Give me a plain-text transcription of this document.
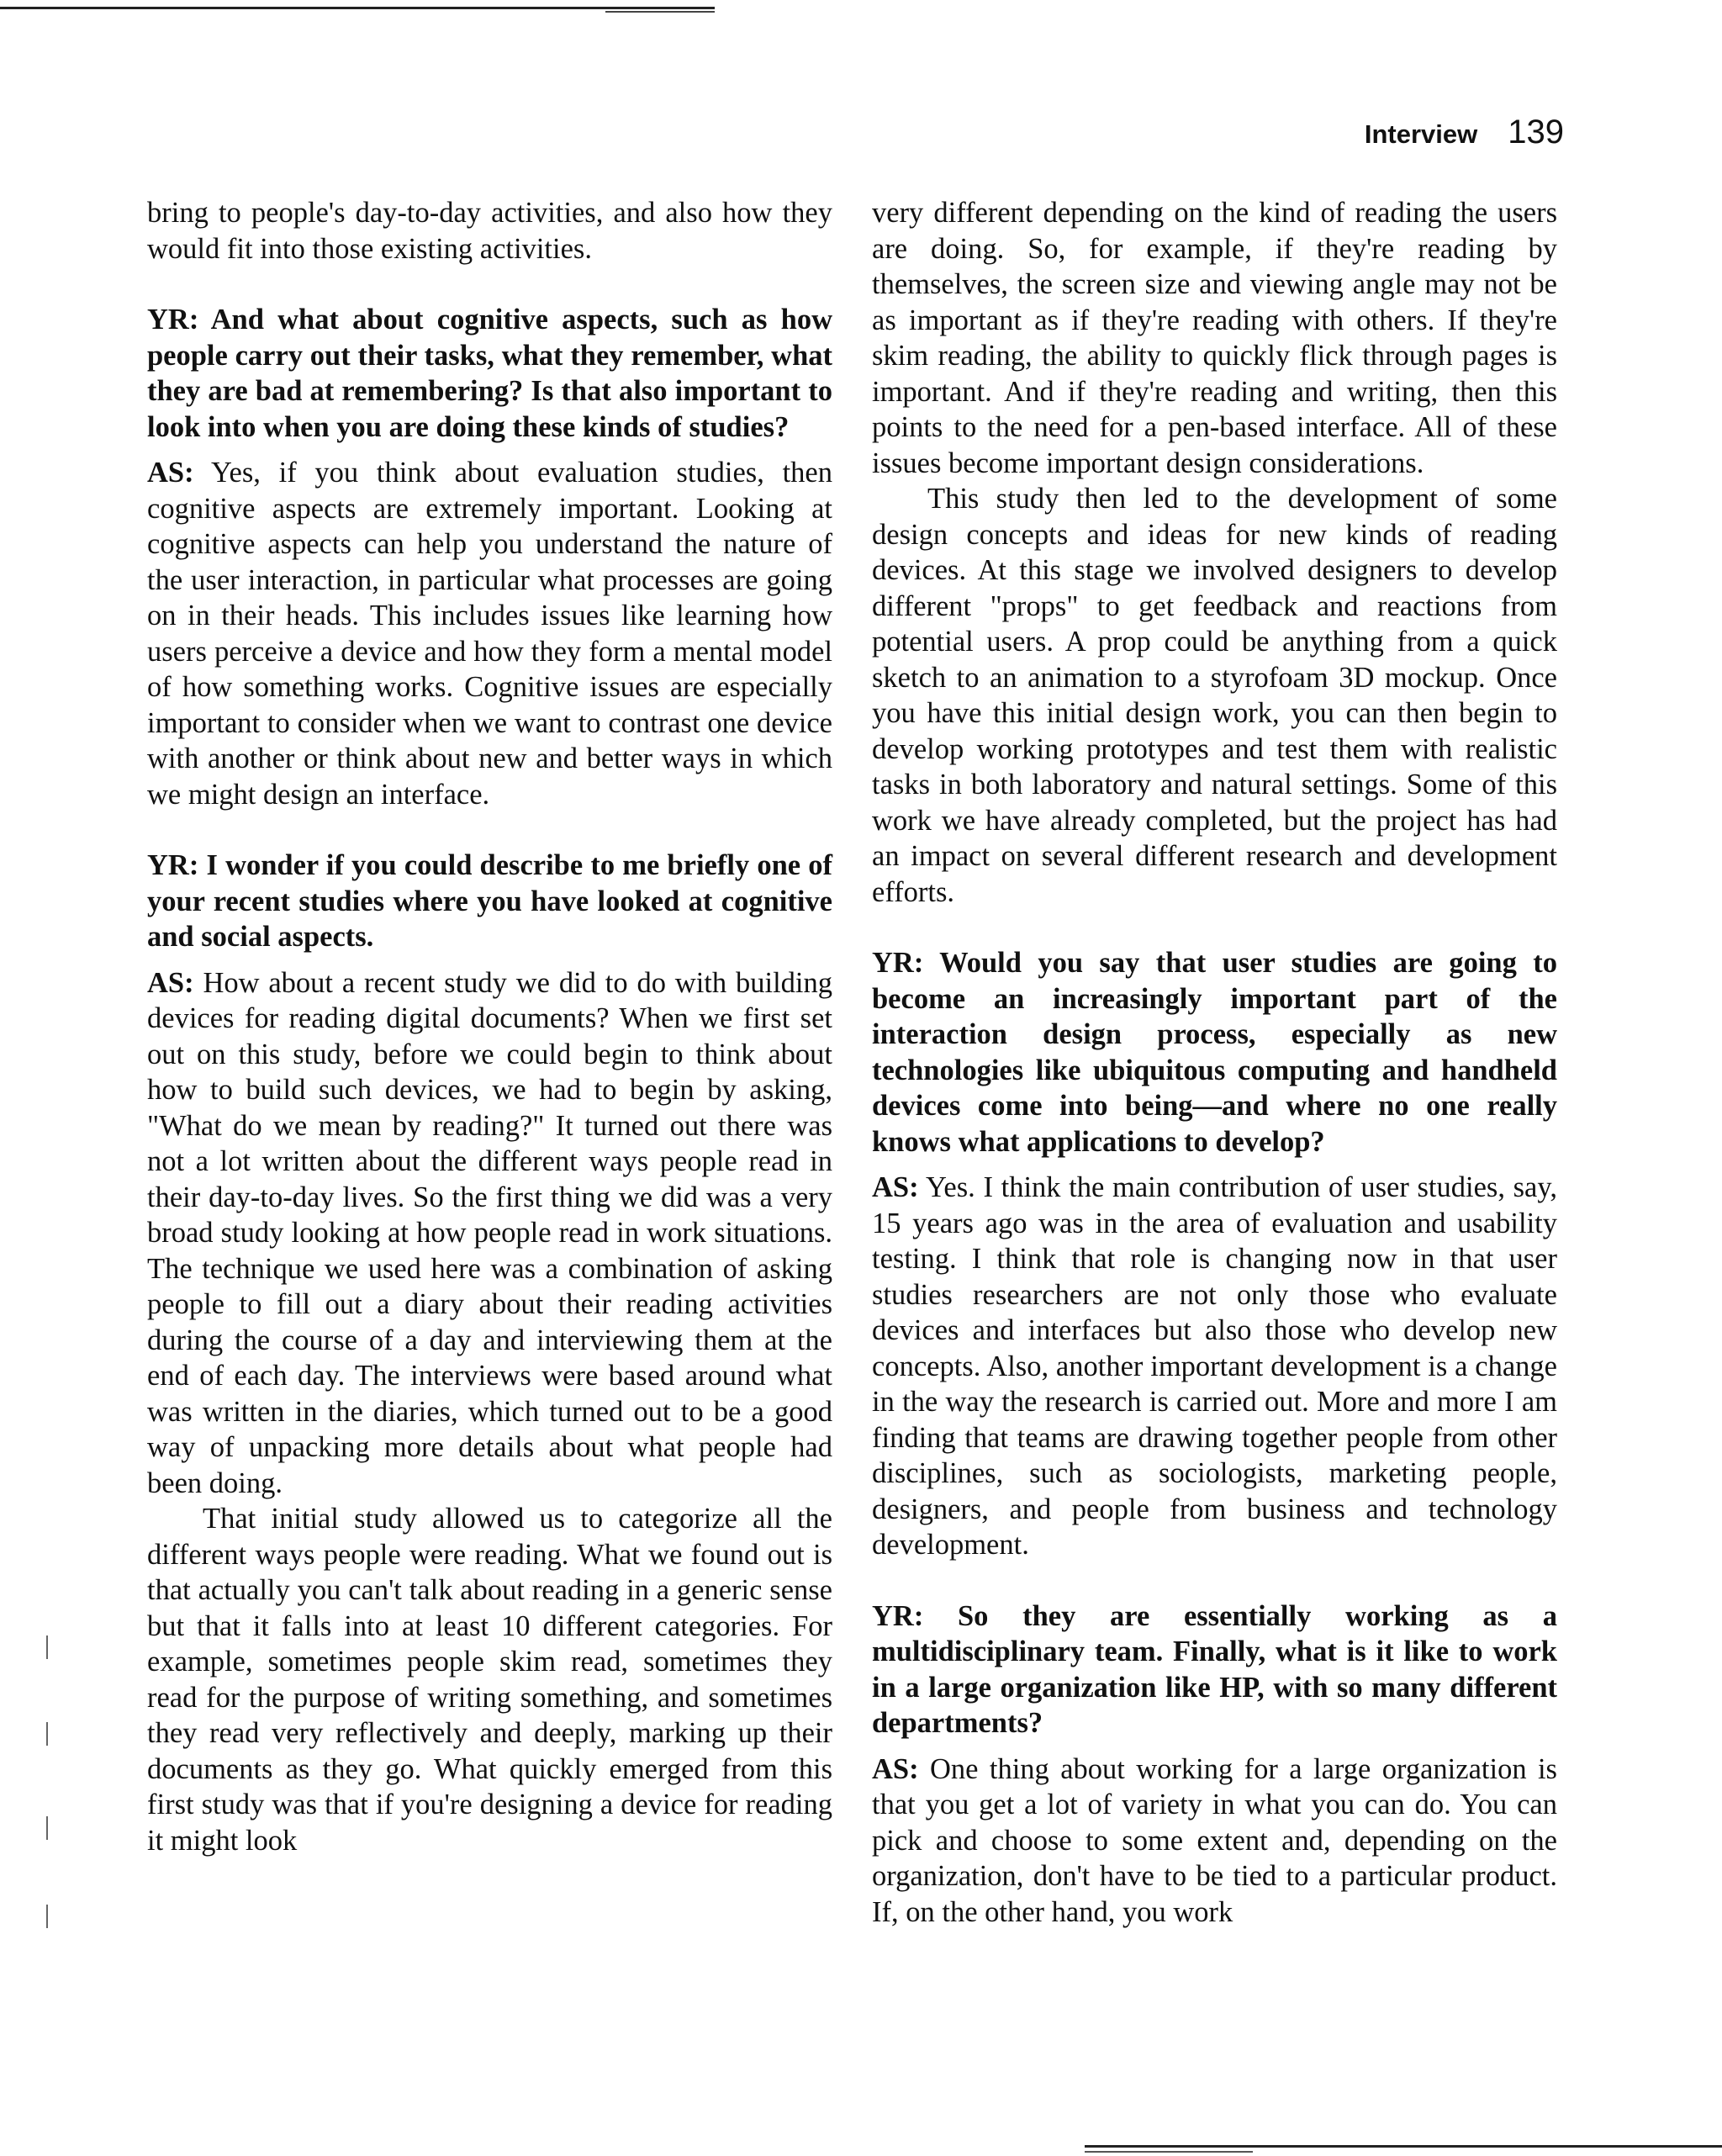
Interview 139

bring to people's day-to-day activities, and also how they would fit into those existing activities.

YR: And what about cognitive aspects, such as how people carry out their tasks, what they remember, what they are bad at remembering? Is that also important to look into when you are doing these kinds of studies?

AS: Yes, if you think about evaluation studies, then cognitive aspects are extremely important. Looking at cognitive aspects can help you understand the nature of the user interaction, in particular what processes are going on in their heads. This includes issues like learning how users perceive a device and how they form a mental model of how something works. Cognitive issues are especially important to consider when we want to contrast one device with another or think about new and better ways in which we might design an interface.

YR: I wonder if you could describe to me briefly one of your recent studies where you have looked at cognitive and social aspects.

AS: How about a recent study we did to do with building devices for reading digital documents? When we first set out on this study, before we could begin to think about how to build such devices, we had to begin by asking, "What do we mean by reading?" It turned out there was not a lot written about the different ways people read in their day-to-day lives. So the first thing we did was a very broad study looking at how people read in work situations. The technique we used here was a combination of asking people to fill out a diary about their reading activities during the course of a day and interviewing them at the end of each day. The interviews were based around what was written in the diaries, which turned out to be a good way of unpacking more details about what people had been doing.

That initial study allowed us to categorize all the different ways people were reading. What we found out is that actually you can't talk about reading in a generic sense but that it falls into at least 10 different categories. For example, sometimes people skim read, sometimes they read for the purpose of writing something, and sometimes they read very reflectively and deeply, marking up their documents as they go. What quickly emerged from this first study was that if you're designing a device for reading it might look

very different depending on the kind of reading the users are doing. So, for example, if they're reading by themselves, the screen size and viewing angle may not be as important as if they're reading with others. If they're skim reading, the ability to quickly flick through pages is important. And if they're reading and writing, then this points to the need for a pen-based interface. All of these issues become important design considerations.

This study then led to the development of some design concepts and ideas for new kinds of reading devices. At this stage we involved designers to develop different "props" to get feedback and reactions from potential users. A prop could be anything from a quick sketch to an animation to a styrofoam 3D mockup. Once you have this initial design work, you can then begin to develop working prototypes and test them with realistic tasks in both laboratory and natural settings. Some of this work we have already completed, but the project has had an impact on several different research and development efforts.

YR: Would you say that user studies are going to become an increasingly important part of the interaction design process, especially as new technologies like ubiquitous computing and handheld devices come into being—and where no one really knows what applications to develop?

AS: Yes. I think the main contribution of user studies, say, 15 years ago was in the area of evaluation and usability testing. I think that role is changing now in that user studies researchers are not only those who evaluate devices and interfaces but also those who develop new concepts. Also, another important development is a change in the way the research is carried out. More and more I am finding that teams are drawing together people from other disciplines, such as sociologists, marketing people, designers, and people from business and technology development.

YR: So they are essentially working as a multidisciplinary team. Finally, what is it like to work in a large organization like HP, with so many different departments?

AS: One thing about working for a large organization is that you get a lot of variety in what you can do. You can pick and choose to some extent and, depending on the organization, don't have to be tied to a particular product. If, on the other hand, you work
